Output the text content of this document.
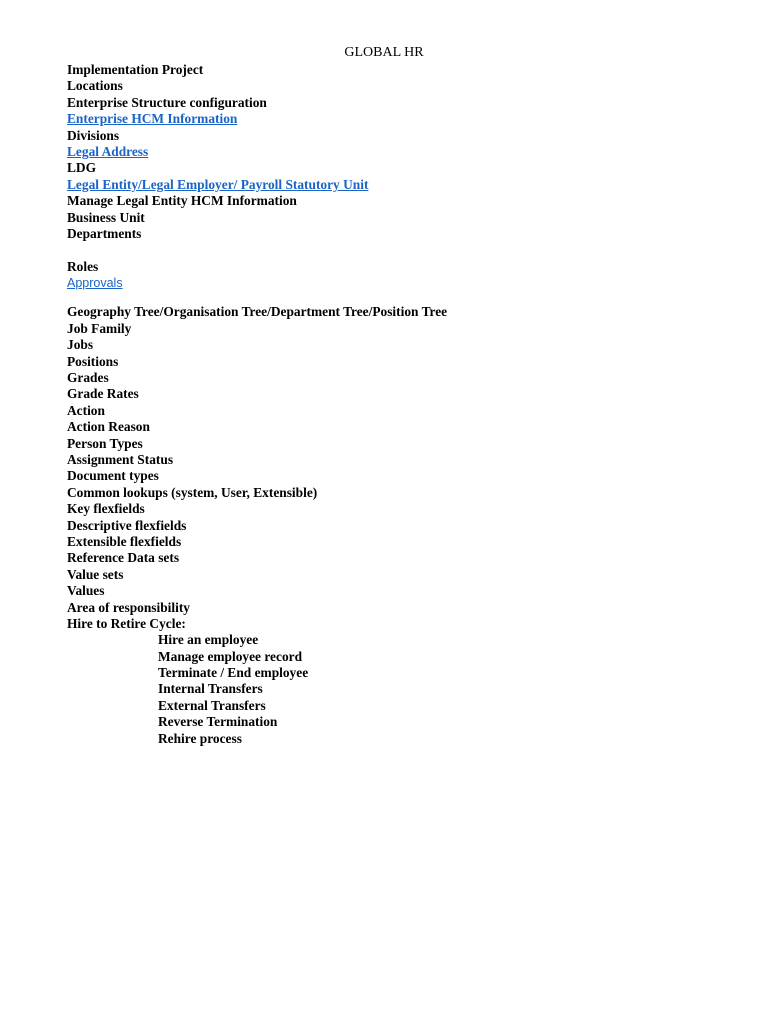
GLOBAL HR
Implementation Project
Locations
Enterprise Structure configuration
Enterprise HCM Information
Divisions
Legal Address
LDG
Legal Entity/Legal Employer/ Payroll Statutory Unit
Manage Legal Entity HCM Information
Business Unit
Departments
Roles
Approvals
Geography Tree/Organisation Tree/Department Tree/Position Tree
Job Family
Jobs
Positions
Grades
Grade Rates
Action
Action Reason
Person Types
Assignment Status
Document types
Common lookups (system, User, Extensible)
Key flexfields
Descriptive flexfields
Extensible flexfields
Reference Data sets
Value sets
Values
Area of responsibility
Hire to Retire Cycle:
Hire an employee
Manage employee record
Terminate / End employee
Internal Transfers
External Transfers
Reverse Termination
Rehire process
